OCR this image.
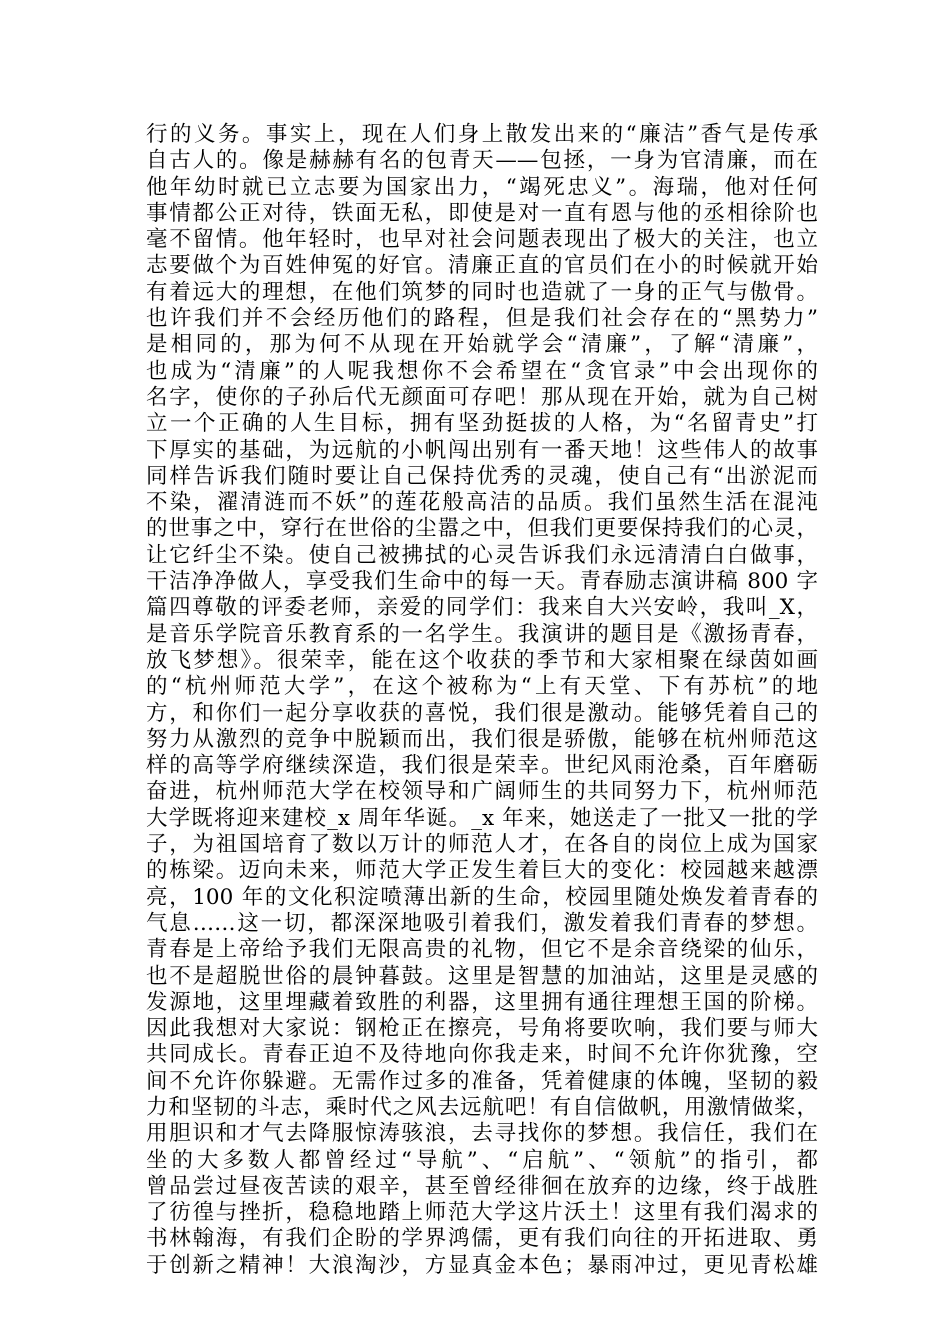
行的义务。事实上，现在人们身上散发出来的“廉洁”香气是传承
自古人的。像是赫赫有名的包青天——包拯，一身为官清廉，而在
他年幼时就已立志要为国家出力，“竭死忠义”。海瑞，他对任何
事情都公正对待，铁面无私，即使是对一直有恩与他的丞相徐阶也
毫不留情。他年轻时，也早对社会问题表现出了极大的关注，也立
志要做个为百姓伸冤的好官。清廉正直的官员们在小的时候就开始
有着远大的理想，在他们筑梦的同时也造就了一身的正气与傲骨。
也许我们并不会经历他们的路程，但是我们社会存在的“黑势力”
是相同的，那为何不从现在开始就学会“清廉”，了解“清廉”，
也成为“清廉”的人呢我想你不会希望在“贪官录”中会出现你的
名字，使你的子孙后代无颜面可存吧！那从现在开始，就为自己树
立一个正确的人生目标，拥有坚劲挺拔的人格，为“名留青史”打
下厚实的基础，为远航的小帆闯出别有一番天地！这些伟人的故事
同样告诉我们随时要让自己保持优秀的灵魂，使自己有“出淤泥而
不染，濯清涟而不妖”的莲花般高洁的品质。我们虽然生活在混沌
的世事之中，穿行在世俗的尘嚣之中，但我们更要保持我们的心灵，
让它纤尘不染。使自己被拂拭的心灵告诉我们永远清清白白做事，
干洁净净做人，享受我们生命中的每一天。青春励志演讲稿 800 字
篇四尊敬的评委老师，亲爱的同学们：我来自大兴安岭，我叫_X，
是音乐学院音乐教育系的一名学生。我演讲的题目是《激扬青春，
放飞梦想》。很荣幸，能在这个收获的季节和大家相聚在绿茵如画
的“杭州师范大学”，在这个被称为“上有天堂、下有苏杭”的地
方，和你们一起分享收获的喜悦，我们很是激动。能够凭着自己的
努力从激烈的竞争中脱颖而出，我们很是骄傲，能够在杭州师范这
样的高等学府继续深造，我们很是荣幸。世纪风雨沧桑，百年磨砺
奋进，杭州师范大学在校领导和广阔师生的共同努力下，杭州师范
大学既将迎来建校_x 周年华诞。_x 年来，她送走了一批又一批的学
子，为祖国培育了数以万计的师范人才，在各自的岗位上成为国家
的栋梁。迈向未来，师范大学正发生着巨大的变化：校园越来越漂
亮，100 年的文化积淀喷薄出新的生命，校园里随处焕发着青春的
气息……这一切，都深深地吸引着我们，激发着我们青春的梦想。
青春是上帝给予我们无限高贵的礼物，但它不是余音绕梁的仙乐，
也不是超脱世俗的晨钟暮鼓。这里是智慧的加油站，这里是灵感的
发源地，这里埋藏着致胜的利器，这里拥有通往理想王国的阶梯。
因此我想对大家说：钢枪正在擦亮，号角将要吹响，我们要与师大
共同成长。青春正迫不及待地向你我走来，时间不允许你犹豫，空
间不允许你躲避。无需作过多的准备，凭着健康的体魄，坚韧的毅
力和坚韧的斗志，乘时代之风去远航吧！有自信做帆，用激情做桨，
用胆识和才气去降服惊涛骇浪，去寻找你的梦想。我信任，我们在
坐的大多数人都曾经过“导航”、“启航”、“领航”的指引，都
曾品尝过昼夜苦读的艰辛，甚至曾经徘徊在放弃的边缘，终于战胜
了彷徨与挫折，稳稳地踏上师范大学这片沃土！这里有我们渴求的
书林翰海，有我们企盼的学界鸿儒，更有我们向往的开拓进取、勇
于创新之精神！大浪淘沙，方显真金本色；暴雨冲过，更见青松雄
